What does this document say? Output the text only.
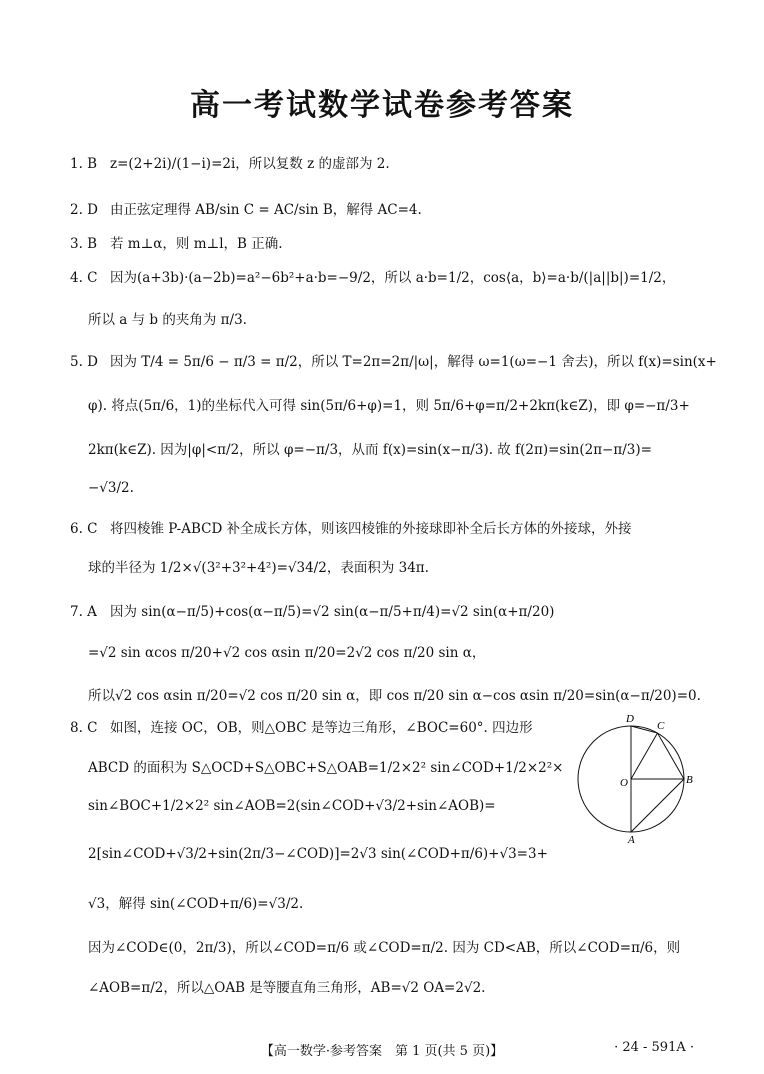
高一考试数学试卷参考答案
1. B z=(2+2i)/(1−i)=2i，所以复数 z 的虚部为 2.
2. D 由正弦定理得 AB/sin C = AC/sin B，解得 AC=4.
3. B 若 m⊥α，则 m⊥l，B 正确.
4. C 因为(a+3b)·(a−2b)=a²−6b²+a·b=−9/2，所以 a·b=1/2，cos⟨a，b⟩=a·b/(|a||b|)=1/2，
所以 a 与 b 的夹角为 π/3.
5. D 因为 T/4 = 5π/6 − π/3 = π/2，所以 T=2π=2π/|ω|，解得 ω=1(ω=−1 舍去)，所以 f(x)=sin(x+
φ). 将点(5π/6，1)的坐标代入可得 sin(5π/6+φ)=1，则 5π/6+φ=π/2+2kπ(k∈Z)，即 φ=−π/3+
2kπ(k∈Z). 因为|φ|<π/2，所以 φ=−π/3，从而 f(x)=sin(x−π/3). 故 f(2π)=sin(2π−π/3)=
−√3/2.
6. C 将四棱锥 P-ABCD 补全成长方体，则该四棱锥的外接球即补全后长方体的外接球，外接
球的半径为 1/2×√(3²+3²+4²)=√34/2，表面积为 34π.
7. A 因为 sin(α−π/5)+cos(α−π/5)=√2 sin(α−π/5+π/4)=√2 sin(α+π/20)
=√2 sin αcos π/20+√2 cos αsin π/20=2√2 cos π/20 sin α，
所以√2 cos αsin π/20=√2 cos π/20 sin α，即 cos π/20 sin α−cos αsin π/20=sin(α−π/20)=0.
8. C 如图，连接 OC，OB，则△OBC 是等边三角形，∠BOC=60°. 四边形
ABCD 的面积为 S△OCD+S△OBC+S△OAB=1/2×2² sin∠COD+1/2×2²×
sin∠BOC+1/2×2² sin∠AOB=2(sin∠COD+√3/2+sin∠AOB)=
2[sin∠COD+√3/2+sin(2π/3−∠COD)]=2√3 sin(∠COD+π/6)+√3=3+
√3，解得 sin(∠COD+π/6)=√3/2.
因为∠COD∈(0，2π/3)，所以∠COD=π/6 或∠COD=π/2. 因为 CD<AB，所以∠COD=π/6，则
∠AOB=π/2，所以△OAB 是等腰直角三角形，AB=√2 OA=2√2.
D
C
O	B
A
【高一数学·参考答案　第 1 页(共 5 页)】	· 24 - 591A ·
